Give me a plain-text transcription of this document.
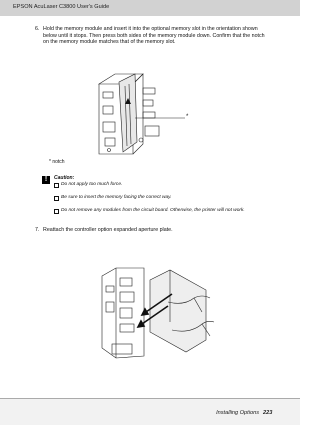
EPSON AcuLaser C3800 User's Guide
6. Hold the memory module and insert it into the optional memory slot in the orientation shown below until it stops. Then press both sides of the memory module down. Confirm that the notch on the memory module matches that of the memory slot.
*
* notch
!	Caution:
Do not apply too much force.
Be sure to insert the memory facing the correct way.
Do not remove any modules from the circuit board. Otherwise, the printer will not work.
7. Reattach the controller option expanded aperture plate.
Installing Options 223
